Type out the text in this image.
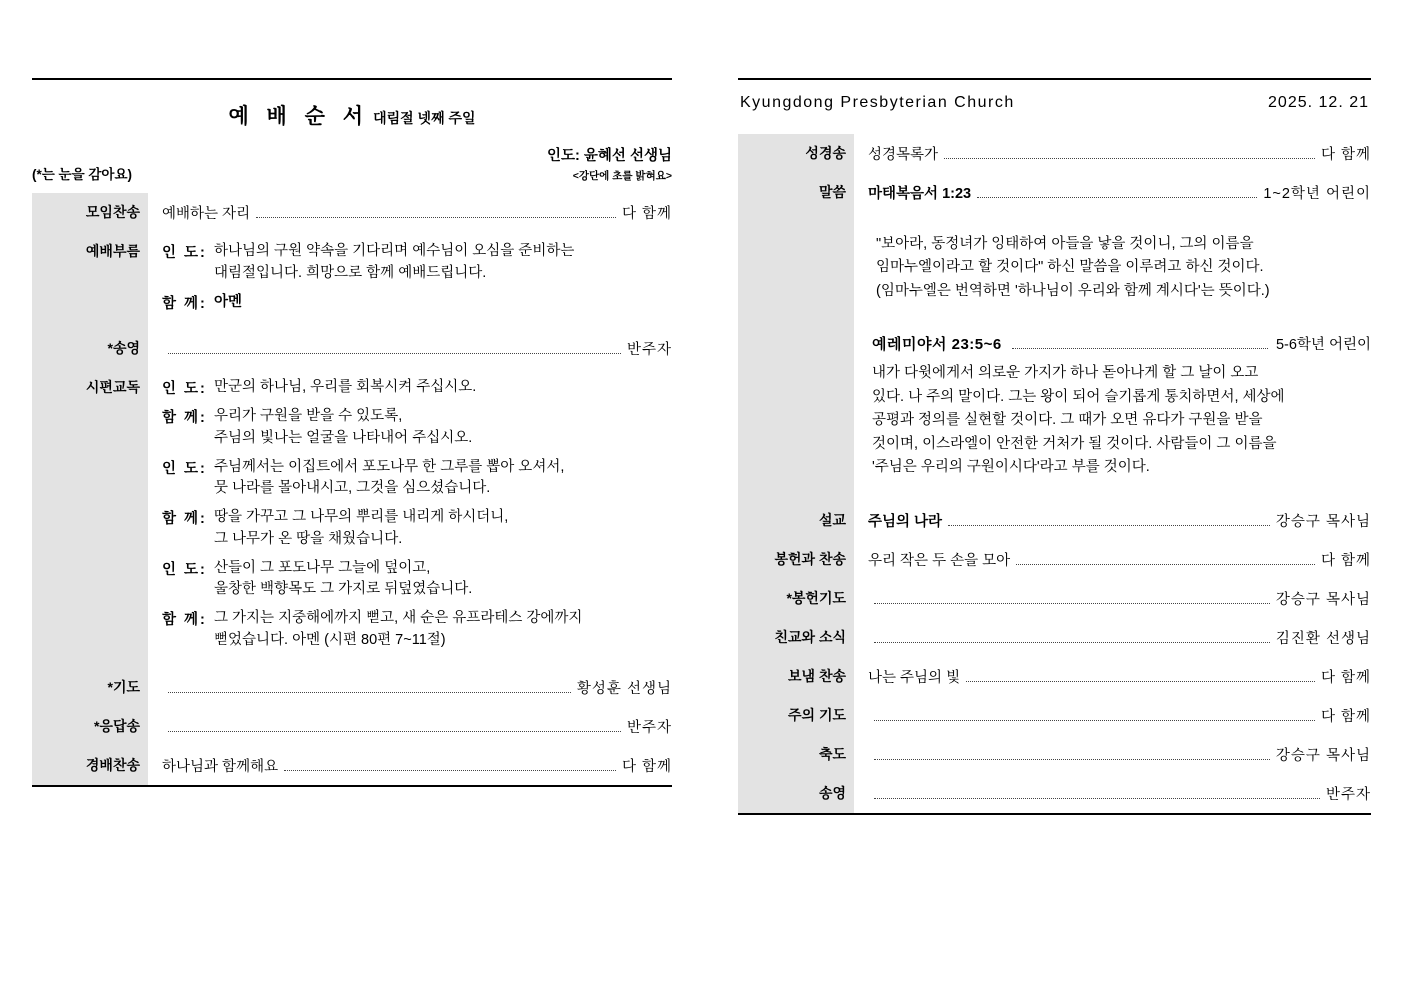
예 배 순 서 대림절 넷째 주일
(*는 눈을 감아요)
인도: 윤혜선 선생님
<강단에 초를 밝혀요>
모임찬송	예배하는 자리 다 함께

예배부름	인 도: 하나님의 구원 약속을 기다리며 예수님이 오심을 준비하는
대림절입니다. 희망으로 함께 예배드립니다.
함 께: 아멘

*송영	반주자

시편교독	인 도: 만군의 하나님, 우리를 회복시켜 주십시오.
함 께: 우리가 구원을 받을 수 있도록,
주님의 빛나는 얼굴을 나타내어 주십시오.
인 도: 주님께서는 이집트에서 포도나무 한 그루를 뽑아 오셔서,
뭇 나라를 몰아내시고, 그것을 심으셨습니다.
함 께: 땅을 가꾸고 그 나무의 뿌리를 내리게 하시더니,
그 나무가 온 땅을 채웠습니다.
인 도: 산들이 그 포도나무 그늘에 덮이고,
울창한 백향목도 그 가지로 뒤덮였습니다.
함 께: 그 가지는 지중해에까지 뻗고, 새 순은 유프라테스 강에까지
뻗었습니다. 아멘 (시편 80편 7~11절)

*기도	황성훈 선생님

*응답송	반주자

경배찬송	하나님과 함께해요 다 함께
Kyungdong Presbyterian Church	2025. 12. 21
성경송	성경목록가 다 함께

말씀	마태복음서 1:23 1~2학년 어린이

	"보아라, 동정녀가 잉태하여 아들을 낳을 것이니, 그의 이름을
임마누엘이라고 할 것이다" 하신 말씀을 이루려고 하신 것이다.
(임마누엘은 번역하면 '하나님이 우리와 함께 계시다'는 뜻이다.)

예레미야서 23:5~6	5-6학년 어린이
내가 다윗에게서 의로운 가지가 하나 돋아나게 할 그 날이 오고
있다. 나 주의 말이다. 그는 왕이 되어 슬기롭게 통치하면서, 세상에
공평과 정의를 실현할 것이다. 그 때가 오면 유다가 구원을 받을
것이며, 이스라엘이 안전한 거처가 될 것이다. 사람들이 그 이름을
'주님은 우리의 구원이시다'라고 부를 것이다.

설교	주님의 나라 강승구 목사님

봉헌과 찬송	우리 작은 두 손을 모아 다 함께

*봉헌기도	강승구 목사님

친교와 소식	김진환 선생님

보냄 찬송	나는 주님의 빛 다 함께

주의 기도	다 함께

축도	강승구 목사님

송영	반주자
